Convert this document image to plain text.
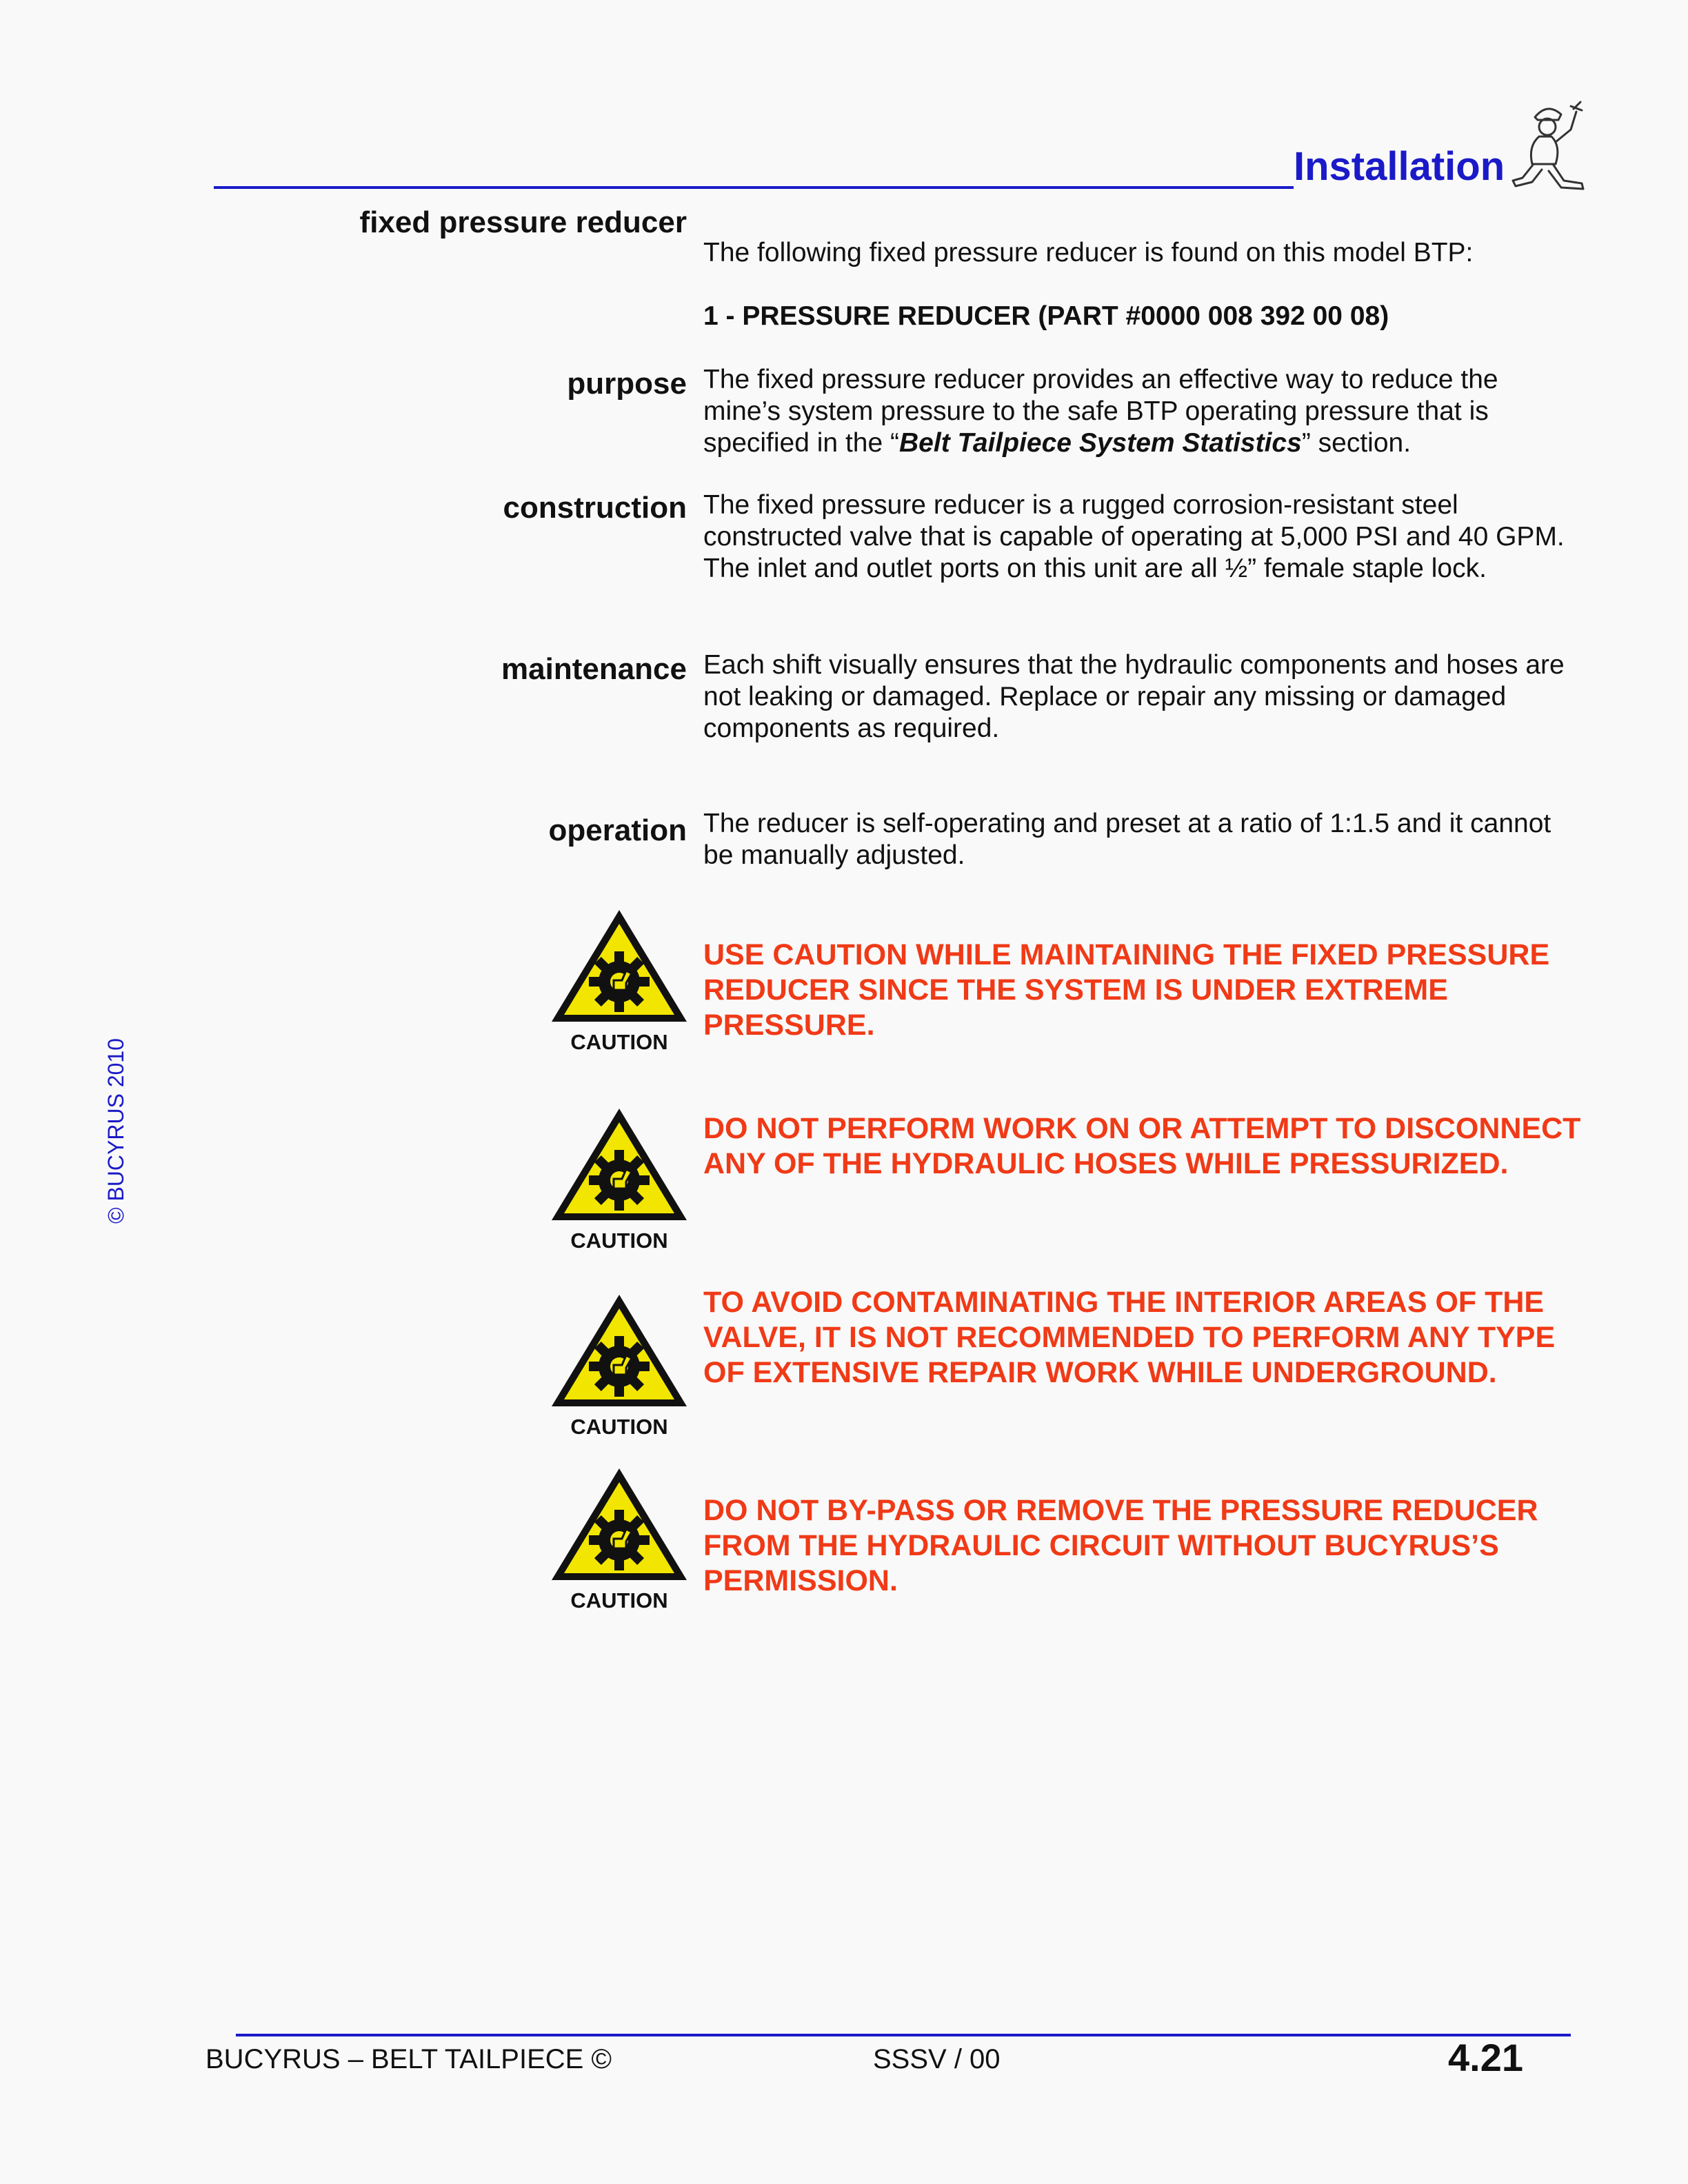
Installation
© BUCYRUS 2010
fixed pressure reducer

The following fixed pressure reducer is found on this model BTP:

1 - PRESSURE REDUCER (PART #0000 008 392 00 08)

purpose The fixed pressure reducer provides an effective way to reduce the mine’s system pressure to the safe BTP operating pressure that is specified in the “Belt Tailpiece System Statistics” section.

construction The fixed pressure reducer is a rugged corrosion-resistant steel constructed valve that is capable of operating at 5,000 PSI and 40 GPM. The inlet and outlet ports on this unit are all ½” female staple lock.

maintenance Each shift visually ensures that the hydraulic components and hoses are not leaking or damaged. Replace or repair any missing or damaged components as required.

operation The reducer is self-operating and preset at a ratio of 1:1.5 and it cannot be manually adjusted.

CAUTION
USE CAUTION WHILE MAINTAINING THE FIXED PRESSURE REDUCER SINCE THE SYSTEM IS UNDER EXTREME PRESSURE.
CAUTION
DO NOT PERFORM WORK ON OR ATTEMPT TO DISCONNECT ANY OF THE HYDRAULIC HOSES WHILE PRESSURIZED.
CAUTION
TO AVOID CONTAMINATING THE INTERIOR AREAS OF THE VALVE, IT IS NOT RECOMMENDED TO PERFORM ANY TYPE OF EXTENSIVE REPAIR WORK WHILE UNDERGROUND.
CAUTION
DO NOT BY-PASS OR REMOVE THE PRESSURE REDUCER FROM THE HYDRAULIC CIRCUIT WITHOUT BUCYRUS’S PERMISSION.
BUCYRUS – BELT TAILPIECE ©	SSSV / 00	4.21
